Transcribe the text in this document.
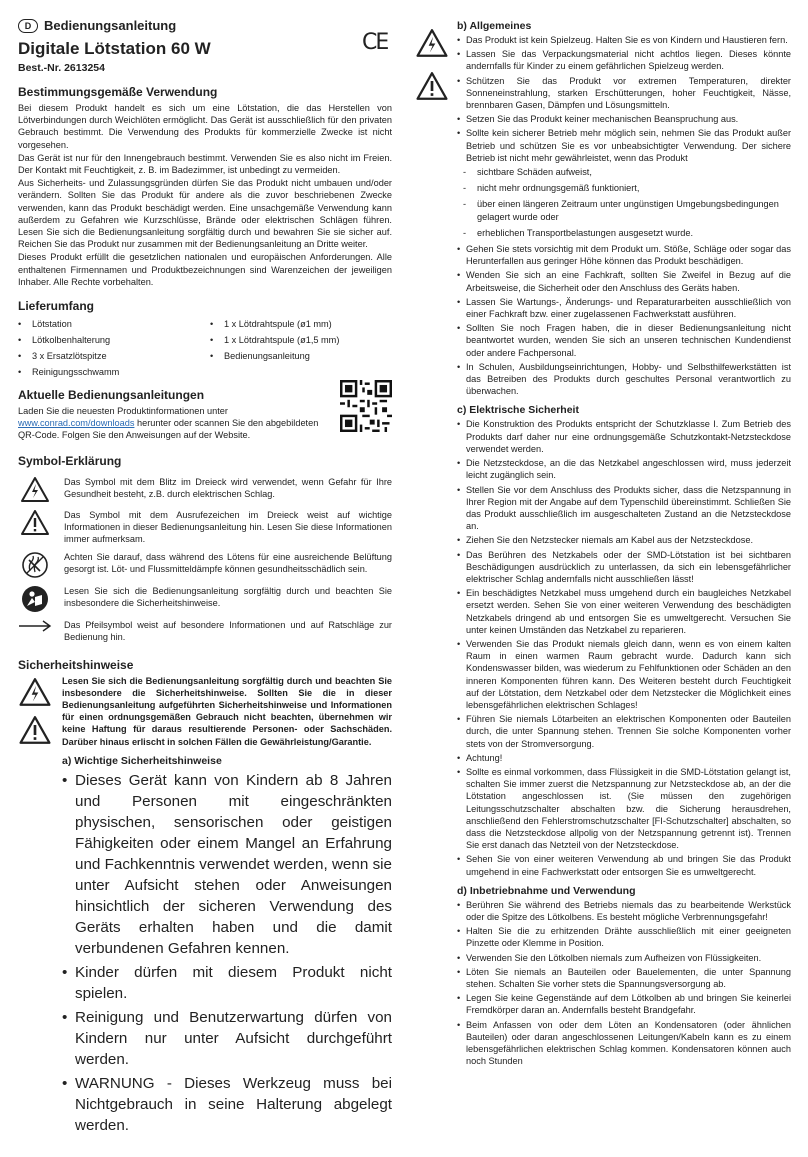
D Bedienungsanleitung
Digitale Lötstation 60 W
Best.-Nr. 2613254
Bestimmungsgemäße Verwendung

Bei diesem Produkt handelt es sich um eine Lötstation, die das Herstellen von Lötverbindungen durch Weichlöten ermöglicht. Das Gerät ist ausschließlich für den privaten Gebrauch bestimmt. Die Verwendung des Produkts für kommerzielle Zwecke ist nicht vorgesehen.

Das Gerät ist nur für den Innengebrauch bestimmt. Verwenden Sie es also nicht im Freien. Der Kontakt mit Feuchtigkeit, z. B. im Badezimmer, ist unbedingt zu vermeiden.

Aus Sicherheits- und Zulassungsgründen dürfen Sie das Produkt nicht umbauen und/oder verändern. Sollten Sie das Produkt für andere als die zuvor beschriebenen Zwecke verwenden, kann das Produkt beschädigt werden. Eine unsachgemäße Verwendung kann außerdem zu Gefahren wie Kurzschlüsse, Brände oder elektrischen Schlägen führen. Lesen Sie sich die Bedienungsanleitung sorgfältig durch und bewahren Sie sie sicher auf. Reichen Sie das Produkt nur zusammen mit der Bedienungsanleitung an Dritte weiter.

Dieses Produkt erfüllt die gesetzlichen nationalen und europäischen Anforderungen. Alle enthaltenen Firmennamen und Produktbezeichnungen sind Warenzeichen der jeweiligen Inhaber. Alle Rechte vorbehalten.

Lieferumfang
• Lötstation	• 1 x Lötdrahtspule (ø1 mm)
• Lötkolbenhalterung	• 1 x Lötdrahtspule (ø1,5 mm)
• 3 x Ersatzlötspitze	• Bedienungsanleitung
• Reinigungsschwamm
Aktuelle Bedienungsanleitungen

Laden Sie die neuesten Produktinformationen unter www.conrad.com/downloads herunter oder scannen Sie den abgebildeten QR-Code. Folgen Sie den Anweisungen auf der Website.

Symbol-Erklärung
Das Symbol mit dem Blitz im Dreieck wird verwendet, wenn Gefahr für Ihre Gesundheit besteht, z.B. durch elektrischen Schlag.
Das Symbol mit dem Ausrufezeichen im Dreieck weist auf wichtige Informationen in dieser Bedienungsanleitung hin. Lesen Sie diese Informationen immer aufmerksam.
Achten Sie darauf, dass während des Lötens für eine ausreichende Belüftung gesorgt ist. Löt- und Flussmitteldämpfe können gesundheitsschädlich sein.
Lesen Sie sich die Bedienungsanleitung sorgfältig durch und beachten Sie insbesondere die Sicherheitshinweise.
Das Pfeilsymbol weist auf besondere Informationen und auf Ratschläge zur Bedienung hin.
Sicherheitshinweise
Lesen Sie sich die Bedienungsanleitung sorgfältig durch und beachten Sie insbesondere die Sicherheitshinweise. Sollten Sie die in dieser Bedienungsanleitung aufgeführten Sicherheitshinweise und Informationen für einen ordnungsgemäßen Gebrauch nicht beachten, übernehmen wir keine Haftung für daraus resultierende Personen- oder Sachschäden. Darüber hinaus erlischt in solchen Fällen die Gewährleistung/Garantie.
a) Wichtige Sicherheitshinweise
• Dieses Gerät kann von Kindern ab 8 Jahren und Personen mit eingeschränkten physischen, sensorischen oder geistigen Fähigkeiten oder einem Mangel an Erfahrung und Fachkenntnis verwendet werden, wenn sie unter Aufsicht stehen oder Anweisungen hinsichtlich der sicheren Verwendung des Geräts erhalten haben und die damit verbundenen Gefahren kennen.
• Kinder dürfen mit diesem Produkt nicht spielen.
• Reinigung und Benutzerwartung dürfen von Kindern nur unter Aufsicht durchgeführt werden.
• WARNUNG - Dieses Werkzeug muss bei Nichtgebrauch in seine Halterung abgelegt werden.
CE
b) Allgemeines
• Das Produkt ist kein Spielzeug. Halten Sie es von Kindern und Haustieren fern.
• Lassen Sie das Verpackungsmaterial nicht achtlos liegen. Dieses könnte andernfalls für Kinder zu einem gefährlichen Spielzeug werden.
• Schützen Sie das Produkt vor extremen Temperaturen, direkter Sonneneinstrahlung, starken Erschütterungen, hoher Feuchtigkeit, Nässe, brennbaren Gasen, Dämpfen und Lösungsmitteln.
• Setzen Sie das Produkt keiner mechanischen Beanspruchung aus.
• Sollte kein sicherer Betrieb mehr möglich sein, nehmen Sie das Produkt außer Betrieb und schützen Sie es vor unbeabsichtigter Verwendung. Der sichere Betrieb ist nicht mehr gewährleistet, wenn das Produkt
- sichtbare Schäden aufweist,
- nicht mehr ordnungsgemäß funktioniert,
- über einen längeren Zeitraum unter ungünstigen Umgebungsbedingungen gelagert wurde oder
- erheblichen Transportbelastungen ausgesetzt wurde.
• Gehen Sie stets vorsichtig mit dem Produkt um. Stöße, Schläge oder sogar das Herunterfallen aus geringer Höhe können das Produkt beschädigen.
• Wenden Sie sich an eine Fachkraft, sollten Sie Zweifel in Bezug auf die Arbeitsweise, die Sicherheit oder den Anschluss des Geräts haben.
• Lassen Sie Wartungs-, Änderungs- und Reparaturarbeiten ausschließlich von einer Fachkraft bzw. einer zugelassenen Fachwerkstatt ausführen.
• Sollten Sie noch Fragen haben, die in dieser Bedienungsanleitung nicht beantwortet wurden, wenden Sie sich an unseren technischen Kundendienst oder andere Fachpersonal.
• In Schulen, Ausbildungseinrichtungen, Hobby- und Selbsthilfewerkstätten ist das Betreiben des Produkts durch geschultes Personal verantwortlich zu überwachen.
c) Elektrische Sicherheit
• Die Konstruktion des Produkts entspricht der Schutzklasse I. Zum Betrieb des Produkts darf daher nur eine ordnungsgemäße Schutzkontakt-Netzsteckdose verwendet werden.
• Die Netzsteckdose, an die das Netzkabel angeschlossen wird, muss jederzeit leicht zugänglich sein.
• Stellen Sie vor dem Anschluss des Produkts sicher, dass die Netzspannung in Ihrer Region mit der Angabe auf dem Typenschild übereinstimmt. Schließen Sie das Produkt ausschließlich im ausgeschalteten Zustand an die Netzsteckdose an.
• Ziehen Sie den Netzstecker niemals am Kabel aus der Netzsteckdose.
• Das Berühren des Netzkabels oder der SMD-Lötstation ist bei sichtbaren Beschädigungen ausdrücklich zu unterlassen, da sich ein lebensgefährlicher elektrischer Schlag andernfalls nicht ausschließen lässt!
• Ein beschädigtes Netzkabel muss umgehend durch ein baugleiches Netzkabel ersetzt werden. Sehen Sie von einer weiteren Verwendung des beschädigten Netzkabels dringend ab und entsorgen Sie es umweltgerecht. Versuchen Sie unter keinen Umständen das Netzkabel zu reparieren.
• Verwenden Sie das Produkt niemals gleich dann, wenn es von einem kalten Raum in einen warmen Raum gebracht wurde. Dadurch kann sich Kondenswasser bilden, was wiederum zu Fehlfunktionen oder Schäden an den inneren Komponenten führen kann. Des Weiteren besteht durch Feuchtigkeit auf der Lötstation, dem Netzkabel oder dem Netzstecker die Möglichkeit eines lebensgefährlichen elektrischen Schlages!
• Führen Sie niemals Lötarbeiten an elektrischen Komponenten oder Bauteilen durch, die unter Spannung stehen. Trennen Sie solche Komponenten vorher stets von der Stromversorgung.
• Achtung!
• Sollte es einmal vorkommen, dass Flüssigkeit in die SMD-Lötstation gelangt ist, schalten Sie immer zuerst die Netzspannung zur Netzsteckdose ab, an der die Lötstation angeschlossen ist. (Sie müssen den zugehörigen Leitungsschutzschalter abschalten bzw. die Sicherung herausdrehen, anschließend den Fehlerstromschutzschalter [FI-Schutzschalter] abschalten, so dass die Netzsteckdose allpolig von der Netzspannung getrennt ist). Trennen Sie erst danach das Netzteil von der Netzsteckdose.
• Sehen Sie von einer weiteren Verwendung ab und bringen Sie das Produkt umgehend in eine Fachwerkstatt oder entsorgen Sie es umweltgerecht.
d) Inbetriebnahme und Verwendung
• Berühren Sie während des Betriebs niemals das zu bearbeitende Werkstück oder die Spitze des Lötkolbens. Es besteht mögliche Verbrennungsgefahr!
• Halten Sie die zu erhitzenden Drähte ausschließlich mit einer geeigneten Pinzette oder Klemme in Position.
• Verwenden Sie den Lötkolben niemals zum Aufheizen von Flüssigkeiten.
• Löten Sie niemals an Bauteilen oder Bauelementen, die unter Spannung stehen. Schalten Sie vorher stets die Spannungsversorgung ab.
• Legen Sie keine Gegenstände auf dem Lötkolben ab und bringen Sie keinerlei Fremdkörper daran an. Andernfalls besteht Brandgefahr.
• Beim Anfassen von oder dem Löten an Kondensatoren (oder ähnlichen Bauteilen) oder daran angeschlossenen Leitungen/Kabeln kann es zu einem lebensgefährlichen elektrischen Schlag kommen. Kondensatoren können auch noch Stunden
